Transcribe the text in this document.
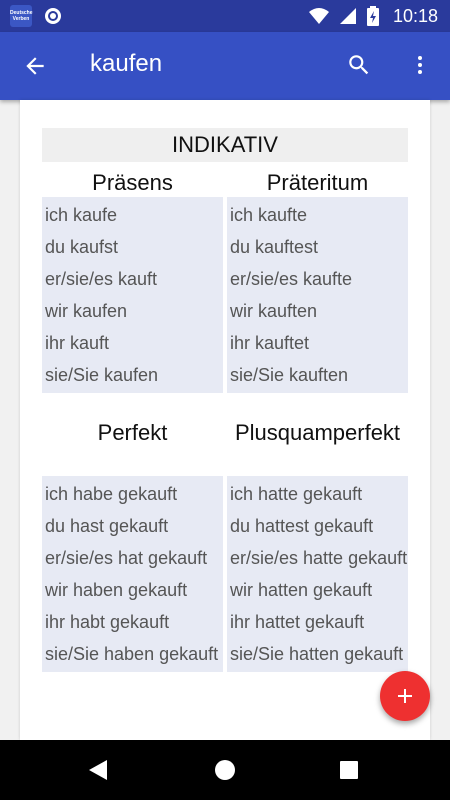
Deutsche
Verben	10:18
kaufen
INDIKATIV
Präsens
ich kaufe
du kaufst
er/sie/es kauft
wir kaufen
ihr kauft
sie/Sie kaufen
Präteritum
ich kaufte
du kauftest
er/sie/es kaufte
wir kauften
ihr kauftet
sie/Sie kauften
Perfekt
ich habe gekauft
du hast gekauft
er/sie/es hat gekauft
wir haben gekauft
ihr habt gekauft
sie/Sie haben gekauft
Plusquamperfekt
ich hatte gekauft
du hattest gekauft
er/sie/es hatte gekauft
wir hatten gekauft
ihr hattet gekauft
sie/Sie hatten gekauft
